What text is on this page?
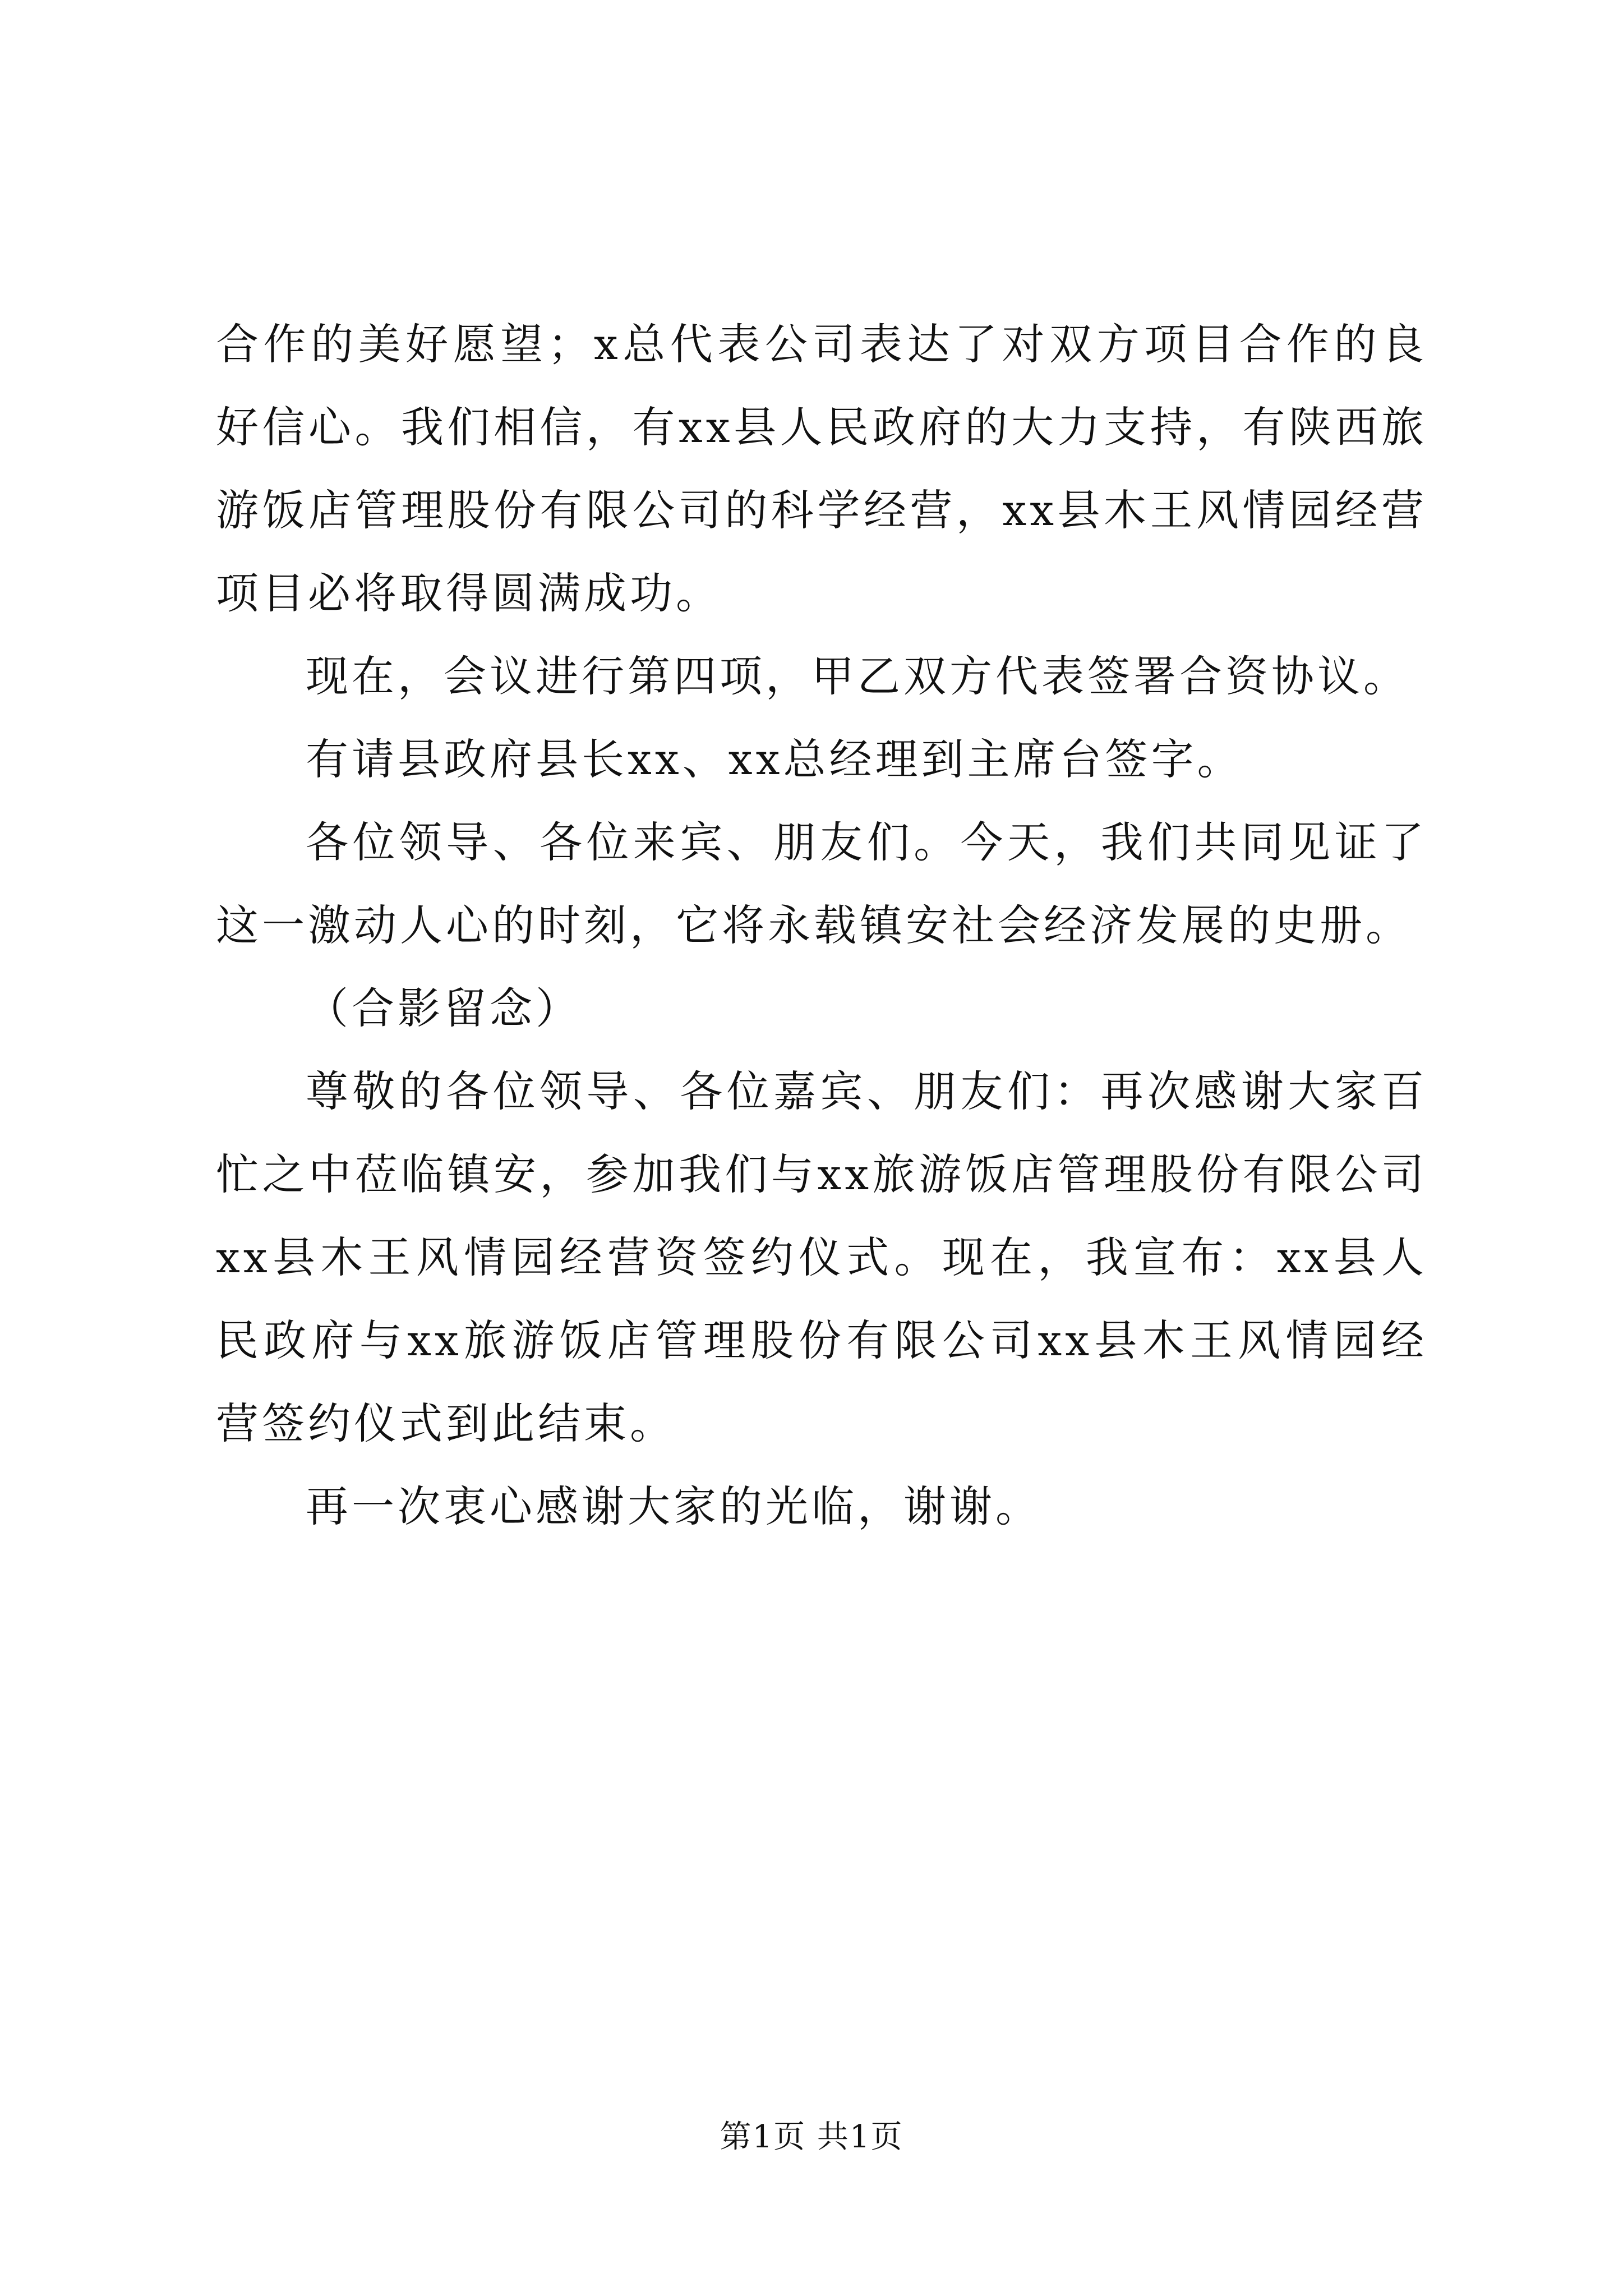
合作的美好愿望；x总代表公司表达了对双方项目合作的良好信心。我们相信，有xx县人民政府的大力支持，有陕西旅游饭店管理股份有限公司的科学经营，xx县木王风情园经营项目必将取得圆满成功。

现在，会议进行第四项，甲乙双方代表签署合资协议。

有请县政府县长xx、xx总经理到主席台签字。

各位领导、各位来宾、朋友们。今天，我们共同见证了这一激动人心的时刻，它将永载镇安社会经济发展的史册。

（合影留念）

尊敬的各位领导、各位嘉宾、朋友们：再次感谢大家百忙之中莅临镇安，参加我们与xx旅游饭店管理股份有限公司xx县木王风情园经营资签约仪式。现在，我宣布：xx县人民政府与xx旅游饭店管理股份有限公司xx县木王风情园经营签约仪式到此结束。

再一次衷心感谢大家的光临，谢谢。

第1页 共1页
